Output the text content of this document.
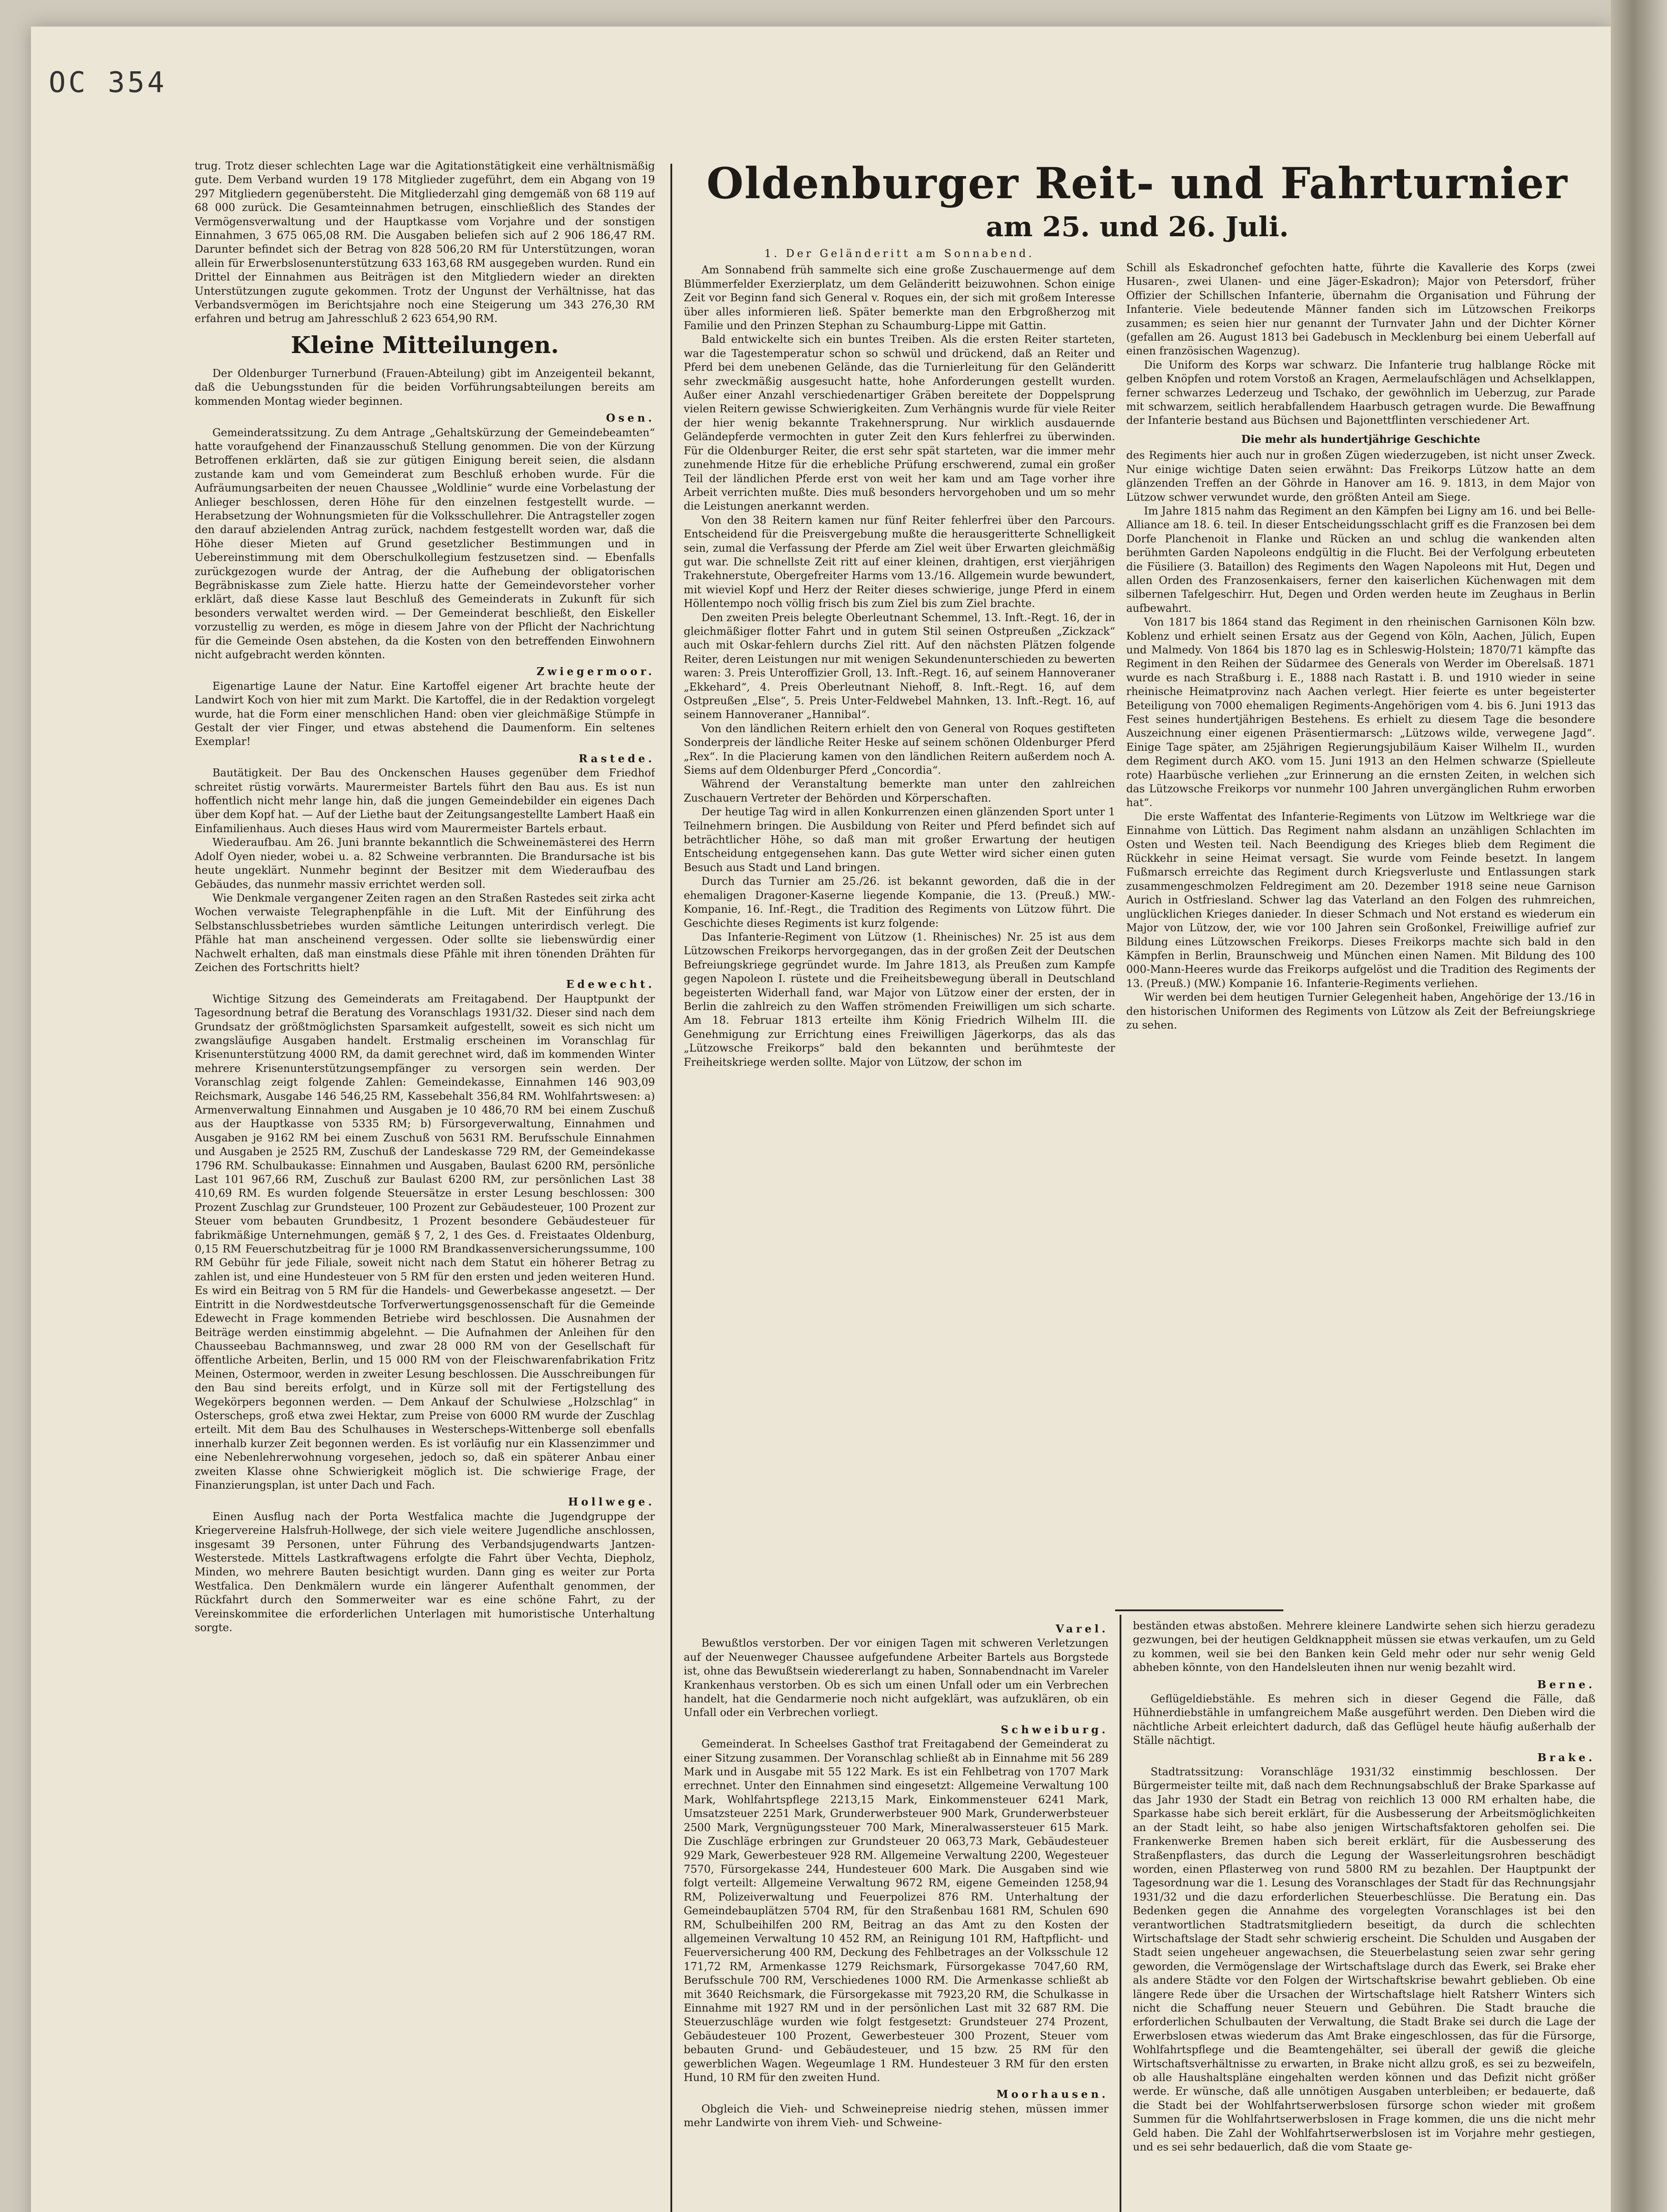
OC 354

trug. Trotz dieser schlechten Lage war die Agitationstätigkeit eine verhältnismäßig gute. Dem Verband wurden 19 178 Mitglieder zugeführt, dem ein Abgang von 19 297 Mitgliedern gegenübersteht. Die Mitgliederzahl ging demgemäß von 68 119 auf 68 000 zurück. Die Gesamteinnahmen betrugen, einschließlich des Standes der Vermögensverwaltung und der Hauptkasse vom Vorjahre und der sonstigen Einnahmen, 3 675 065,08 RM. Die Ausgaben beliefen sich auf 2 906 186,47 RM. Darunter befindet sich der Betrag von 828 506,20 RM für Unterstützungen, woran allein für Erwerbslosenunterstützung 633 163,68 RM ausgegeben wurden. Rund ein Drittel der Einnahmen aus Beiträgen ist den Mitgliedern wieder an direkten Unterstützungen zugute gekommen. Trotz der Ungunst der Verhältnisse, hat das Verbandsvermögen im Berichtsjahre noch eine Steigerung um 343 276,30 RM erfahren und betrug am Jahresschluß 2 623 654,90 RM.

Kleine Mitteilungen.

Der Oldenburger Turnerbund (Frauen-Abteilung) gibt im Anzeigenteil bekannt, daß die Uebungsstunden für die beiden Vorführungsabteilungen bereits am kommenden Montag wieder beginnen.

Osen.

Gemeinderatssitzung. Zu dem Antrage „Gehaltskürzung der Gemeindebeamten“ hatte voraufgehend der Finanzausschuß Stellung genommen. Die von der Kürzung Betroffenen erklärten, daß sie zur gütigen Einigung bereit seien, die alsdann zustande kam und vom Gemeinderat zum Beschluß erhoben wurde. Für die Aufräumungsarbeiten der neuen Chaussee „Woldlinie“ wurde eine Vorbelastung der Anlieger beschlossen, deren Höhe für den einzelnen festgestellt wurde. — Herabsetzung der Wohnungsmieten für die Volksschullehrer. Die Antragsteller zogen den darauf abzielenden Antrag zurück, nachdem festgestellt worden war, daß die Höhe dieser Mieten auf Grund gesetzlicher Bestimmungen und in Uebereinstimmung mit dem Oberschulkollegium festzusetzen sind. — Ebenfalls zurückgezogen wurde der Antrag, der die Aufhebung der obligatorischen Begräbniskasse zum Ziele hatte. Hierzu hatte der Gemeindevorsteher vorher erklärt, daß diese Kasse laut Beschluß des Gemeinderats in Zukunft für sich besonders verwaltet werden wird. — Der Gemeinderat beschließt, den Eiskeller vorzustellig zu werden, es möge in diesem Jahre von der Pflicht der Nachrichtung für die Gemeinde Osen abstehen, da die Kosten von den betreffenden Einwohnern nicht aufgebracht werden könnten.

Zwiegermoor.

Eigenartige Laune der Natur. Eine Kartoffel eigener Art brachte heute der Landwirt Koch von hier mit zum Markt. Die Kartoffel, die in der Redaktion vorgelegt wurde, hat die Form einer menschlichen Hand: oben vier gleichmäßige Stümpfe in Gestalt der vier Finger, und etwas abstehend die Daumenform. Ein seltenes Exemplar!

Rastede.

Bautätigkeit. Der Bau des Onckenschen Hauses gegenüber dem Friedhof schreitet rüstig vorwärts. Maurermeister Bartels führt den Bau aus. Es ist nun hoffentlich nicht mehr lange hin, daß die jungen Gemeindebilder ein eigenes Dach über dem Kopf hat. — Auf der Liethe baut der Zeitungsangestellte Lambert Haaß ein Einfamilienhaus. Auch dieses Haus wird vom Maurermeister Bartels erbaut.

Wiederaufbau. Am 26. Juni brannte bekanntlich die Schweinemästerei des Herrn Adolf Oyen nieder, wobei u. a. 82 Schweine verbrannten. Die Brandursache ist bis heute ungeklärt. Nunmehr beginnt der Besitzer mit dem Wiederaufbau des Gebäudes, das nunmehr massiv errichtet werden soll.

Wie Denkmale vergangener Zeiten ragen an den Straßen Rastedes seit zirka acht Wochen verwaiste Telegraphenpfähle in die Luft. Mit der Einführung des Selbstanschlussbetriebes wurden sämtliche Leitungen unterirdisch verlegt. Die Pfähle hat man anscheinend vergessen. Oder sollte sie liebenswürdig einer Nachwelt erhalten, daß man einstmals diese Pfähle mit ihren tönenden Drähten für Zeichen des Fortschritts hielt?

Edewecht.

Wichtige Sitzung des Gemeinderats am Freitagabend. Der Hauptpunkt der Tagesordnung betraf die Beratung des Voranschlags 1931/32. Dieser sind nach dem Grundsatz der größtmöglichsten Sparsamkeit aufgestellt, soweit es sich nicht um zwangsläufige Ausgaben handelt. Erstmalig erscheinen im Voranschlag für Krisenunterstützung 4000 RM, da damit gerechnet wird, daß im kommenden Winter mehrere Krisenunterstützungsempfänger zu versorgen sein werden. Der Voranschlag zeigt folgende Zahlen: Gemeindekasse, Einnahmen 146 903,09 Reichsmark, Ausgabe 146 546,25 RM, Kassebehalt 356,84 RM. Wohlfahrtswesen: a) Armenverwaltung Einnahmen und Ausgaben je 10 486,70 RM bei einem Zuschuß aus der Hauptkasse von 5335 RM; b) Fürsorgeverwaltung, Einnahmen und Ausgaben je 9162 RM bei einem Zuschuß von 5631 RM. Berufsschule Einnahmen und Ausgaben je 2525 RM, Zuschuß der Landeskasse 729 RM, der Gemeindekasse 1796 RM. Schulbaukasse: Einnahmen und Ausgaben, Baulast 6200 RM, persönliche Last 101 967,66 RM, Zuschuß zur Baulast 6200 RM, zur persönlichen Last 38 410,69 RM. Es wurden folgende Steuersätze in erster Lesung beschlossen: 300 Prozent Zuschlag zur Grundsteuer, 100 Prozent zur Gebäudesteuer, 100 Prozent zur Steuer vom bebauten Grundbesitz, 1 Prozent besondere Gebäudesteuer für fabrikmäßige Unternehmungen, gemäß § 7, 2, 1 des Ges. d. Freistaates Oldenburg, 0,15 RM Feuerschutzbeitrag für je 1000 RM Brandkassenversicherungssumme, 100 RM Gebühr für jede Filiale, soweit nicht nach dem Statut ein höherer Betrag zu zahlen ist, und eine Hundesteuer von 5 RM für den ersten und jeden weiteren Hund. Es wird ein Beitrag von 5 RM für die Handels- und Gewerbekasse angesetzt. — Der Eintritt in die Nordwestdeutsche Torfverwertungsgenossenschaft für die Gemeinde Edewecht in Frage kommenden Betriebe wird beschlossen. Die Ausnahmen der Beiträge werden einstimmig abgelehnt. — Die Aufnahmen der Anleihen für den Chausseebau Bachmannsweg, und zwar 28 000 RM von der Gesellschaft für öffentliche Arbeiten, Berlin, und 15 000 RM von der Fleischwarenfabrikation Fritz Meinen, Ostermoor, werden in zweiter Lesung beschlossen. Die Ausschreibungen für den Bau sind bereits erfolgt, und in Kürze soll mit der Fertigstellung des Wegekörpers begonnen werden. — Dem Ankauf der Schulwiese „Holzschlag“ in Osterscheps, groß etwa zwei Hektar, zum Preise von 6000 RM wurde der Zuschlag erteilt. Mit dem Bau des Schulhauses in Westerscheps-Wittenberge soll ebenfalls innerhalb kurzer Zeit begonnen werden. Es ist vorläufig nur ein Klassenzimmer und eine Nebenlehrerwohnung vorgesehen, jedoch so, daß ein späterer Anbau einer zweiten Klasse ohne Schwierigkeit möglich ist. Die schwierige Frage, der Finanzierungsplan, ist unter Dach und Fach.

Hollwege.

Einen Ausflug nach der Porta Westfalica machte die Jugendgruppe der Kriegervereine Halsfruh-Hollwege, der sich viele weitere Jugendliche anschlossen, insgesamt 39 Personen, unter Führung des Verbandsjugendwarts Jantzen-Westerstede. Mittels Lastkraftwagens erfolgte die Fahrt über Vechta, Diepholz, Minden, wo mehrere Bauten besichtigt wurden. Dann ging es weiter zur Porta Westfalica. Den Denkmälern wurde ein längerer Aufenthalt genommen, der Rückfahrt durch den Sommerweiter war es eine schöne Fahrt, zu der Vereinskommitee die erforderlichen Unterlagen mit humoristische Unterhaltung sorgte.

Oldenburger Reit- und Fahrturnier
am 25. und 26. Juli.
1. Der Geländeritt am Sonnabend.

Am Sonnabend früh sammelte sich eine große Zuschauermenge auf dem Blümmerfelder Exerzierplatz, um dem Geländeritt beizuwohnen. Schon einige Zeit vor Beginn fand sich General v. Roques ein, der sich mit großem Interesse über alles informieren ließ. Später bemerkte man den Erbgroßherzog mit Familie und den Prinzen Stephan zu Schaumburg-Lippe mit Gattin.

Bald entwickelte sich ein buntes Treiben. Als die ersten Reiter starteten, war die Tagestemperatur schon so schwül und drückend, daß an Reiter und Pferd bei dem unebenen Gelände, das die Turnierleitung für den Geländeritt sehr zweckmäßig ausgesucht hatte, hohe Anforderungen gestellt wurden. Außer einer Anzahl verschiedenartiger Gräben bereitete der Doppelsprung vielen Reitern gewisse Schwierigkeiten. Zum Verhängnis wurde für viele Reiter der hier wenig bekannte Trakehnersprung. Nur wirklich ausdauernde Geländepferde vermochten in guter Zeit den Kurs fehlerfrei zu überwinden. Für die Oldenburger Reiter, die erst sehr spät starteten, war die immer mehr zunehmende Hitze für die erhebliche Prüfung erschwerend, zumal ein großer Teil der ländlichen Pferde erst von weit her kam und am Tage vorher ihre Arbeit verrichten mußte. Dies muß besonders hervorgehoben und um so mehr die Leistungen anerkannt werden.

Von den 38 Reitern kamen nur fünf Reiter fehlerfrei über den Parcours. Entscheidend für die Preisvergebung mußte die herausgeritterte Schnelligkeit sein, zumal die Verfassung der Pferde am Ziel weit über Erwarten gleichmäßig gut war. Die schnellste Zeit ritt auf einer kleinen, drahtigen, erst vierjährigen Trakehnerstute, Obergefreiter Harms vom 13./16. Allgemein wurde bewundert, mit wieviel Kopf und Herz der Reiter dieses schwierige, junge Pferd in einem Höllentempo noch völlig frisch bis zum Ziel bis zum Ziel brachte.

Den zweiten Preis belegte Oberleutnant Schemmel, 13. Inft.-Regt. 16, der in gleichmäßiger flotter Fahrt und in gutem Stil seinen Ostpreußen „Zickzack“ auch mit Oskar-fehlern durchs Ziel ritt. Auf den nächsten Plätzen folgende Reiter, deren Leistungen nur mit wenigen Sekundenunterschieden zu bewerten waren: 3. Preis Unteroffizier Groll, 13. Inft.-Regt. 16, auf seinem Hannoveraner „Ekkehard“, 4. Preis Oberleutnant Niehoff, 8. Inft.-Regt. 16, auf dem Ostpreußen „Else“, 5. Preis Unter-Feldwebel Mahnken, 13. Inft.-Regt. 16, auf seinem Hannoveraner „Hannibal“.

Von den ländlichen Reitern erhielt den von General von Roques gestifteten Sonderpreis der ländliche Reiter Heske auf seinem schönen Oldenburger Pferd „Rex“. In die Placierung kamen von den ländlichen Reitern außerdem noch A. Siems auf dem Oldenburger Pferd „Concordia“.

Während der Veranstaltung bemerkte man unter den zahlreichen Zuschauern Vertreter der Behörden und Körperschaften.

Der heutige Tag wird in allen Konkurrenzen einen glänzenden Sport unter 1 Teilnehmern bringen. Die Ausbildung von Reiter und Pferd befindet sich auf beträchtlicher Höhe, so daß man mit großer Erwartung der heutigen Entscheidung entgegensehen kann. Das gute Wetter wird sicher einen guten Besuch aus Stadt und Land bringen.

Durch das Turnier am 25./26. ist bekannt geworden, daß die in der ehemaligen Dragoner-Kaserne liegende Kompanie, die 13. (Preuß.) MW.-Kompanie, 16. Inf.-Regt., die Tradition des Regiments von Lützow führt. Die Geschichte dieses Regiments ist kurz folgende:

Das Infanterie-Regiment von Lützow (1. Rheinisches) Nr. 25 ist aus dem Lützowschen Freikorps hervorgegangen, das in der großen Zeit der Deutschen Befreiungskriege gegründet wurde. Im Jahre 1813, als Preußen zum Kampfe gegen Napoleon I. rüstete und die Freiheitsbewegung überall in Deutschland begeisterten Widerhall fand, war Major von Lützow einer der ersten, der in Berlin die zahlreich zu den Waffen strömenden Freiwilligen um sich scharte. Am 18. Februar 1813 erteilte ihm König Friedrich Wilhelm III. die Genehmigung zur Errichtung eines Freiwilligen Jägerkorps, das als das „Lützowsche Freikorps“ bald den bekannten und berühmteste der Freiheitskriege werden sollte. Major von Lützow, der schon im

Schill als Eskadronchef gefochten hatte, führte die Kavallerie des Korps (zwei Husaren-, zwei Ulanen- und eine Jäger-Eskadron); Major von Petersdorf, früher Offizier der Schillschen Infanterie, übernahm die Organisation und Führung der Infanterie. Viele bedeutende Männer fanden sich im Lützowschen Freikorps zusammen; es seien hier nur genannt der Turnvater Jahn und der Dichter Körner (gefallen am 26. August 1813 bei Gadebusch in Mecklenburg bei einem Ueberfall auf einen französischen Wagenzug).

Die Uniform des Korps war schwarz. Die Infanterie trug halblange Röcke mit gelben Knöpfen und rotem Vorstoß an Kragen, Aermelaufschlägen und Achselklappen, ferner schwarzes Lederzeug und Tschako, der gewöhnlich im Ueberzug, zur Parade mit schwarzem, seitlich herabfallendem Haarbusch getragen wurde. Die Bewaffnung der Infanterie bestand aus Büchsen und Bajonettflinten verschiedener Art.

Die mehr als hundertjährige Geschichte

des Regiments hier auch nur in großen Zügen wiederzugeben, ist nicht unser Zweck. Nur einige wichtige Daten seien erwähnt: Das Freikorps Lützow hatte an dem glänzenden Treffen an der Göhrde in Hanover am 16. 9. 1813, in dem Major von Lützow schwer verwundet wurde, den größten Anteil am Siege.

Im Jahre 1815 nahm das Regiment an den Kämpfen bei Ligny am 16. und bei Belle-Alliance am 18. 6. teil. In dieser Entscheidungsschlacht griff es die Franzosen bei dem Dorfe Planchenoit in Flanke und Rücken an und schlug die wankenden alten berühmten Garden Napoleons endgültig in die Flucht. Bei der Verfolgung erbeuteten die Füsiliere (3. Bataillon) des Regiments den Wagen Napoleons mit Hut, Degen und allen Orden des Franzosenkaisers, ferner den kaiserlichen Küchenwagen mit dem silbernen Tafelgeschirr. Hut, Degen und Orden werden heute im Zeughaus in Berlin aufbewahrt.

Von 1817 bis 1864 stand das Regiment in den rheinischen Garnisonen Köln bzw. Koblenz und erhielt seinen Ersatz aus der Gegend von Köln, Aachen, Jülich, Eupen und Malmedy. Von 1864 bis 1870 lag es in Schleswig-Holstein; 1870/71 kämpfte das Regiment in den Reihen der Südarmee des Generals von Werder im Oberelsaß. 1871 wurde es nach Straßburg i. E., 1888 nach Rastatt i. B. und 1910 wieder in seine rheinische Heimatprovinz nach Aachen verlegt. Hier feierte es unter begeisterter Beteiligung von 7000 ehemaligen Regiments-Angehörigen vom 4. bis 6. Juni 1913 das Fest seines hundertjährigen Bestehens. Es erhielt zu diesem Tage die besondere Auszeichnung einer eigenen Präsentiermarsch: „Lützows wilde, verwegene Jagd“. Einige Tage später, am 25jährigen Regierungsjubiläum Kaiser Wilhelm II., wurden dem Regiment durch AKO. vom 15. Juni 1913 an den Helmen schwarze (Spielleute rote) Haarbüsche verliehen „zur Erinnerung an die ernsten Zeiten, in welchen sich das Lützowsche Freikorps vor nunmehr 100 Jahren unvergänglichen Ruhm erworben hat“.

Die erste Waffentat des Infanterie-Regiments von Lützow im Weltkriege war die Einnahme von Lüttich. Das Regiment nahm alsdann an unzähligen Schlachten im Osten und Westen teil. Nach Beendigung des Krieges blieb dem Regiment die Rückkehr in seine Heimat versagt. Sie wurde vom Feinde besetzt. In langem Fußmarsch erreichte das Regiment durch Kriegsverluste und Entlassungen stark zusammengeschmolzen Feldregiment am 20. Dezember 1918 seine neue Garnison Aurich in Ostfriesland. Schwer lag das Vaterland an den Folgen des ruhmreichen, unglücklichen Krieges danieder. In dieser Schmach und Not erstand es wiederum ein Major von Lützow, der, wie vor 100 Jahren sein Großonkel, Freiwillige aufrief zur Bildung eines Lützowschen Freikorps. Dieses Freikorps machte sich bald in den Kämpfen in Berlin, Braunschweig und München einen Namen. Mit Bildung des 100 000-Mann-Heeres wurde das Freikorps aufgelöst und die Tradition des Regiments der 13. (Preuß.) (MW.) Kompanie 16. Infanterie-Regiments verliehen.

Wir werden bei dem heutigen Turnier Gelegenheit haben, Angehörige der 13./16 in den historischen Uniformen des Regiments von Lützow als Zeit der Befreiungskriege zu sehen.

Varel.

Bewußtlos verstorben. Der vor einigen Tagen mit schweren Verletzungen auf der Neuenweger Chaussee aufgefundene Arbeiter Bartels aus Borgstede ist, ohne das Bewußtsein wiedererlangt zu haben, Sonnabendnacht im Vareler Krankenhaus verstorben. Ob es sich um einen Unfall oder um ein Verbrechen handelt, hat die Gendarmerie noch nicht aufgeklärt, was aufzuklären, ob ein Unfall oder ein Verbrechen vorliegt.

Schweiburg.

Gemeinderat. In Scheelses Gasthof trat Freitagabend der Gemeinderat zu einer Sitzung zusammen. Der Voranschlag schließt ab in Einnahme mit 56 289 Mark und in Ausgabe mit 55 122 Mark. Es ist ein Fehlbetrag von 1707 Mark errechnet. Unter den Einnahmen sind eingesetzt: Allgemeine Verwaltung 100 Mark, Wohlfahrtspflege 2213,15 Mark, Einkommensteuer 6241 Mark, Umsatzsteuer 2251 Mark, Grunderwerbsteuer 900 Mark, Grunderwerbsteuer 2500 Mark, Vergnügungssteuer 700 Mark, Mineralwassersteuer 615 Mark. Die Zuschläge erbringen zur Grundsteuer 20 063,73 Mark, Gebäudesteuer 929 Mark, Gewerbesteuer 928 RM. Allgemeine Verwaltung 2200, Wegesteuer 7570, Fürsorgekasse 244, Hundesteuer 600 Mark. Die Ausgaben sind wie folgt verteilt: Allgemeine Verwaltung 9672 RM, eigene Gemeinden 1258,94 RM, Polizeiverwaltung und Feuerpolizei 876 RM. Unterhaltung der Gemeindebauplätzen 5704 RM, für den Straßenbau 1681 RM, Schulen 690 RM, Schulbeihilfen 200 RM, Beitrag an das Amt zu den Kosten der allgemeinen Verwaltung 10 452 RM, an Reinigung 101 RM, Haftpflicht- und Feuerversicherung 400 RM, Deckung des Fehlbetrages an der Volksschule 12 171,72 RM, Armenkasse 1279 Reichsmark, Fürsorgekasse 7047,60 RM, Berufsschule 700 RM, Verschiedenes 1000 RM. Die Armenkasse schließt ab mit 3640 Reichsmark, die Fürsorgekasse mit 7923,20 RM, die Schulkasse in Einnahme mit 1927 RM und in der persönlichen Last mit 32 687 RM. Die Steuerzuschläge wurden wie folgt festgesetzt: Grundsteuer 274 Prozent, Gebäudesteuer 100 Prozent, Gewerbesteuer 300 Prozent, Steuer vom bebauten Grund- und Gebäudesteuer, und 15 bzw. 25 RM für den gewerblichen Wagen. Wegeumlage 1 RM. Hundesteuer 3 RM für den ersten Hund, 10 RM für den zweiten Hund.

Moorhausen.

Obgleich die Vieh- und Schweinepreise niedrig stehen, müssen immer mehr Landwirte von ihrem Vieh- und Schweine-

beständen etwas abstoßen. Mehrere kleinere Landwirte sehen sich hierzu geradezu gezwungen, bei der heutigen Geldknappheit müssen sie etwas verkaufen, um zu Geld zu kommen, weil sie bei den Banken kein Geld mehr oder nur sehr wenig Geld abheben könnte, von den Handelsleuten ihnen nur wenig bezahlt wird.

Berne.

Geflügeldiebstähle. Es mehren sich in dieser Gegend die Fälle, daß Hühnerdiebstähle in umfangreichem Maße ausgeführt werden. Den Dieben wird die nächtliche Arbeit erleichtert dadurch, daß das Geflügel heute häufig außerhalb der Ställe nächtigt.

Brake.

Stadtratssitzung: Voranschläge 1931/32 einstimmig beschlossen. Der Bürgermeister teilte mit, daß nach dem Rechnungsabschluß der Brake Sparkasse auf das Jahr 1930 der Stadt ein Betrag von reichlich 13 000 RM erhalten habe, die Sparkasse habe sich bereit erklärt, für die Ausbesserung der Arbeitsmöglichkeiten an der Stadt leiht, so habe also jenigen Wirtschaftsfaktoren geholfen sei. Die Frankenwerke Bremen haben sich bereit erklärt, für die Ausbesserung des Straßenpflasters, das durch die Legung der Wasserleitungsrohren beschädigt worden, einen Pflasterweg von rund 5800 RM zu bezahlen. Der Hauptpunkt der Tagesordnung war die 1. Lesung des Voranschlages der Stadt für das Rechnungsjahr 1931/32 und die dazu erforderlichen Steuerbeschlüsse. Die Beratung ein. Das Bedenken gegen die Annahme des vorgelegten Voranschlages ist bei den verantwortlichen Stadtratsmitgliedern beseitigt, da durch die schlechten Wirtschaftslage der Stadt sehr schwierig erscheint. Die Schulden und Ausgaben der Stadt seien ungeheuer angewachsen, die Steuerbelastung seien zwar sehr gering geworden, die Vermögenslage der Wirtschaftslage durch das Ewerk, sei Brake eher als andere Städte vor den Folgen der Wirtschaftskrise bewahrt geblieben. Ob eine längere Rede über die Ursachen der Wirtschaftslage hielt Ratsherr Winters sich nicht die Schaffung neuer Steuern und Gebühren. Die Stadt brauche die erforderlichen Schulbauten der Verwaltung, die Stadt Brake sei durch die Lage der Erwerbslosen etwas wiederum das Amt Brake eingeschlossen, das für die Fürsorge, Wohlfahrtspflege und die Beamtengehälter, sei überall der gewiß die gleiche Wirtschaftsverhältnisse zu erwarten, in Brake nicht allzu groß, es sei zu bezweifeln, ob alle Haushaltspläne eingehalten werden können und das Defizit nicht größer werde. Er wünsche, daß alle unnötigen Ausgaben unterbleiben; er bedauerte, daß die Stadt bei der Wohlfahrtserwerbslosen fürsorge schon wieder mit großem Summen für die Wohlfahrtserwerbslosen in Frage kommen, die uns die nicht mehr Geld haben. Die Zahl der Wohlfahrtserwerbslosen ist im Vorjahre mehr gestiegen, und es sei sehr bedauerlich, daß die vom Staate ge-
